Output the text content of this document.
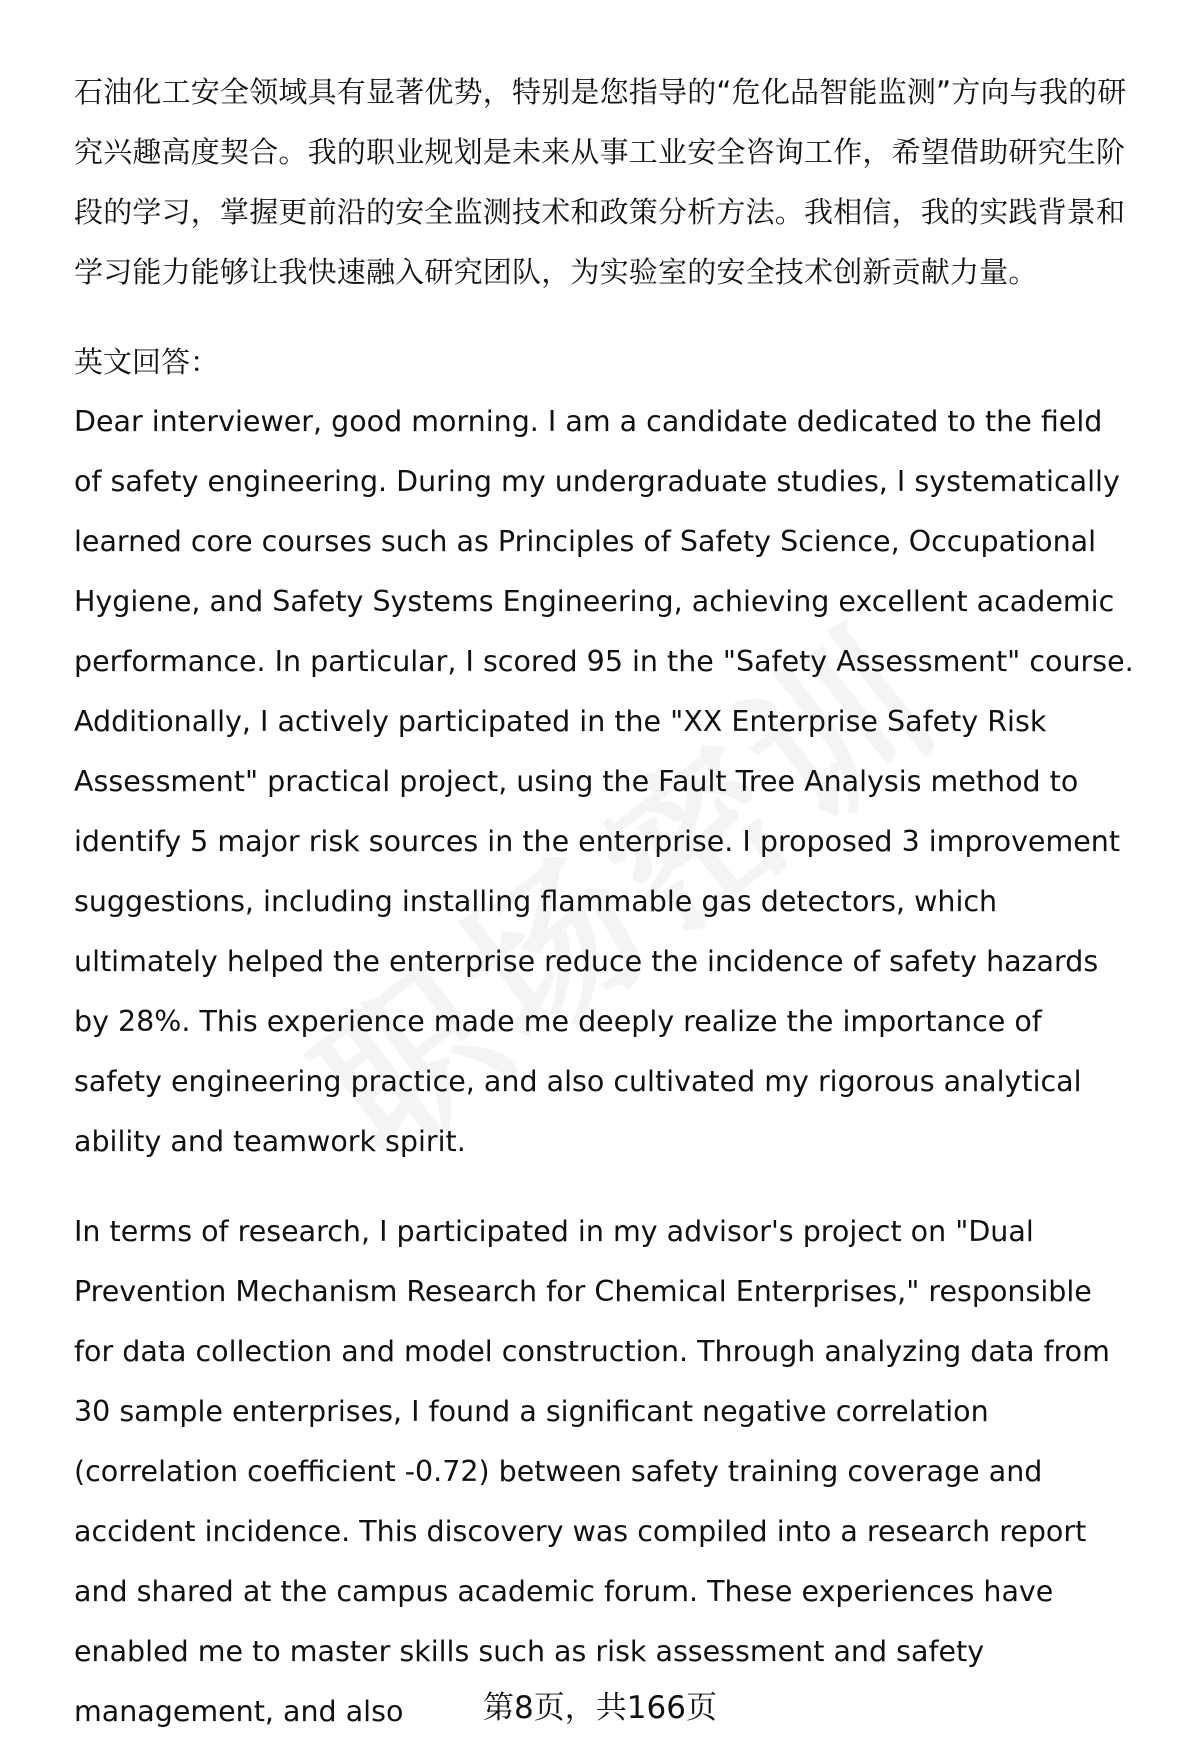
石油化工安全领域具有显著优势，特别是您指导的“危化品智能监测”方向与我的研究兴趣高度契合。我的职业规划是未来从事工业安全咨询工作，希望借助研究生阶段的学习，掌握更前沿的安全监测技术和政策分析方法。我相信，我的实践背景和学习能力能够让我快速融入研究团队，为实验室的安全技术创新贡献力量。

英文回答：

Dear interviewer, good morning. I am a candidate dedicated to the field of safety engineering. During my undergraduate studies, I systematically learned core courses such as Principles of Safety Science, Occupational Hygiene, and Safety Systems Engineering, achieving excellent academic performance. In particular, I scored 95 in the "Safety Assessment" course. Additionally, I actively participated in the "XX Enterprise Safety Risk Assessment" practical project, using the Fault Tree Analysis method to identify 5 major risk sources in the enterprise. I proposed 3 improvement suggestions, including installing flammable gas detectors, which ultimately helped the enterprise reduce the incidence of safety hazards by 28%. This experience made me deeply realize the importance of safety engineering practice, and also cultivated my rigorous analytical ability and teamwork spirit.

In terms of research, I participated in my advisor's project on "Dual Prevention Mechanism Research for Chemical Enterprises," responsible for data collection and model construction. Through analyzing data from 30 sample enterprises, I found a significant negative correlation (correlation coefficient -0.72) between safety training coverage and accident incidence. This discovery was compiled into a research report and shared at the campus academic forum. These experiences have enabled me to master skills such as risk assessment and safety management, and also	第8页，共166页
